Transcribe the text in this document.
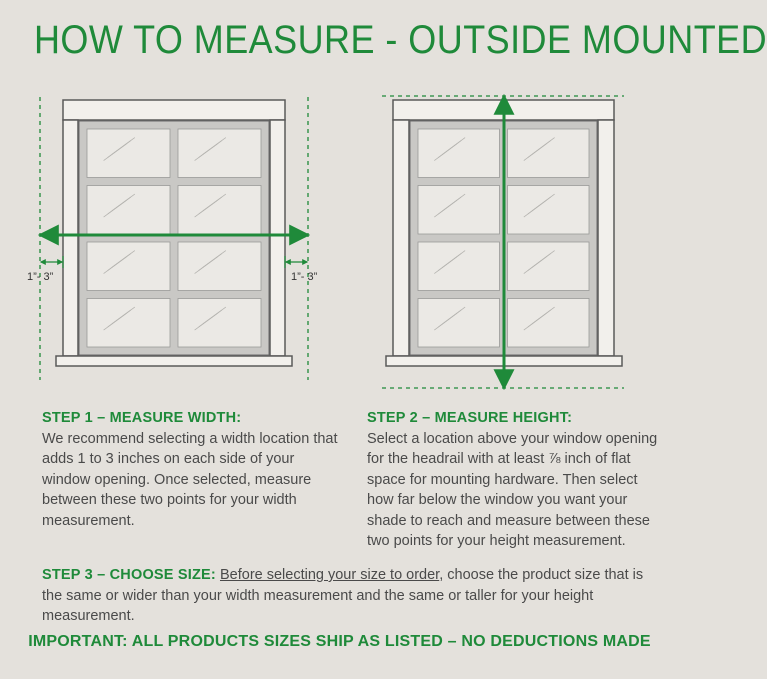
HOW TO MEASURE - OUTSIDE MOUNTED
1”- 3”	1”- 3”
STEP 1 – MEASURE WIDTH:
We recommend selecting a width location that adds 1 to 3 inches on each side of your window opening. Once selected, measure between these two points for your width measurement.
STEP 2 – MEASURE HEIGHT:
Select a location above your window opening for the headrail with at least ⅞ inch of flat space for mounting hardware. Then select how far below the window you want your shade to reach and measure between these two points for your height measurement.
STEP 3 – CHOOSE SIZE: Before selecting your size to order, choose the product size that is the same or wider than your width measurement and the same or taller for your height measurement.
IMPORTANT: ALL PRODUCTS SIZES SHIP AS LISTED – NO DEDUCTIONS MADE
